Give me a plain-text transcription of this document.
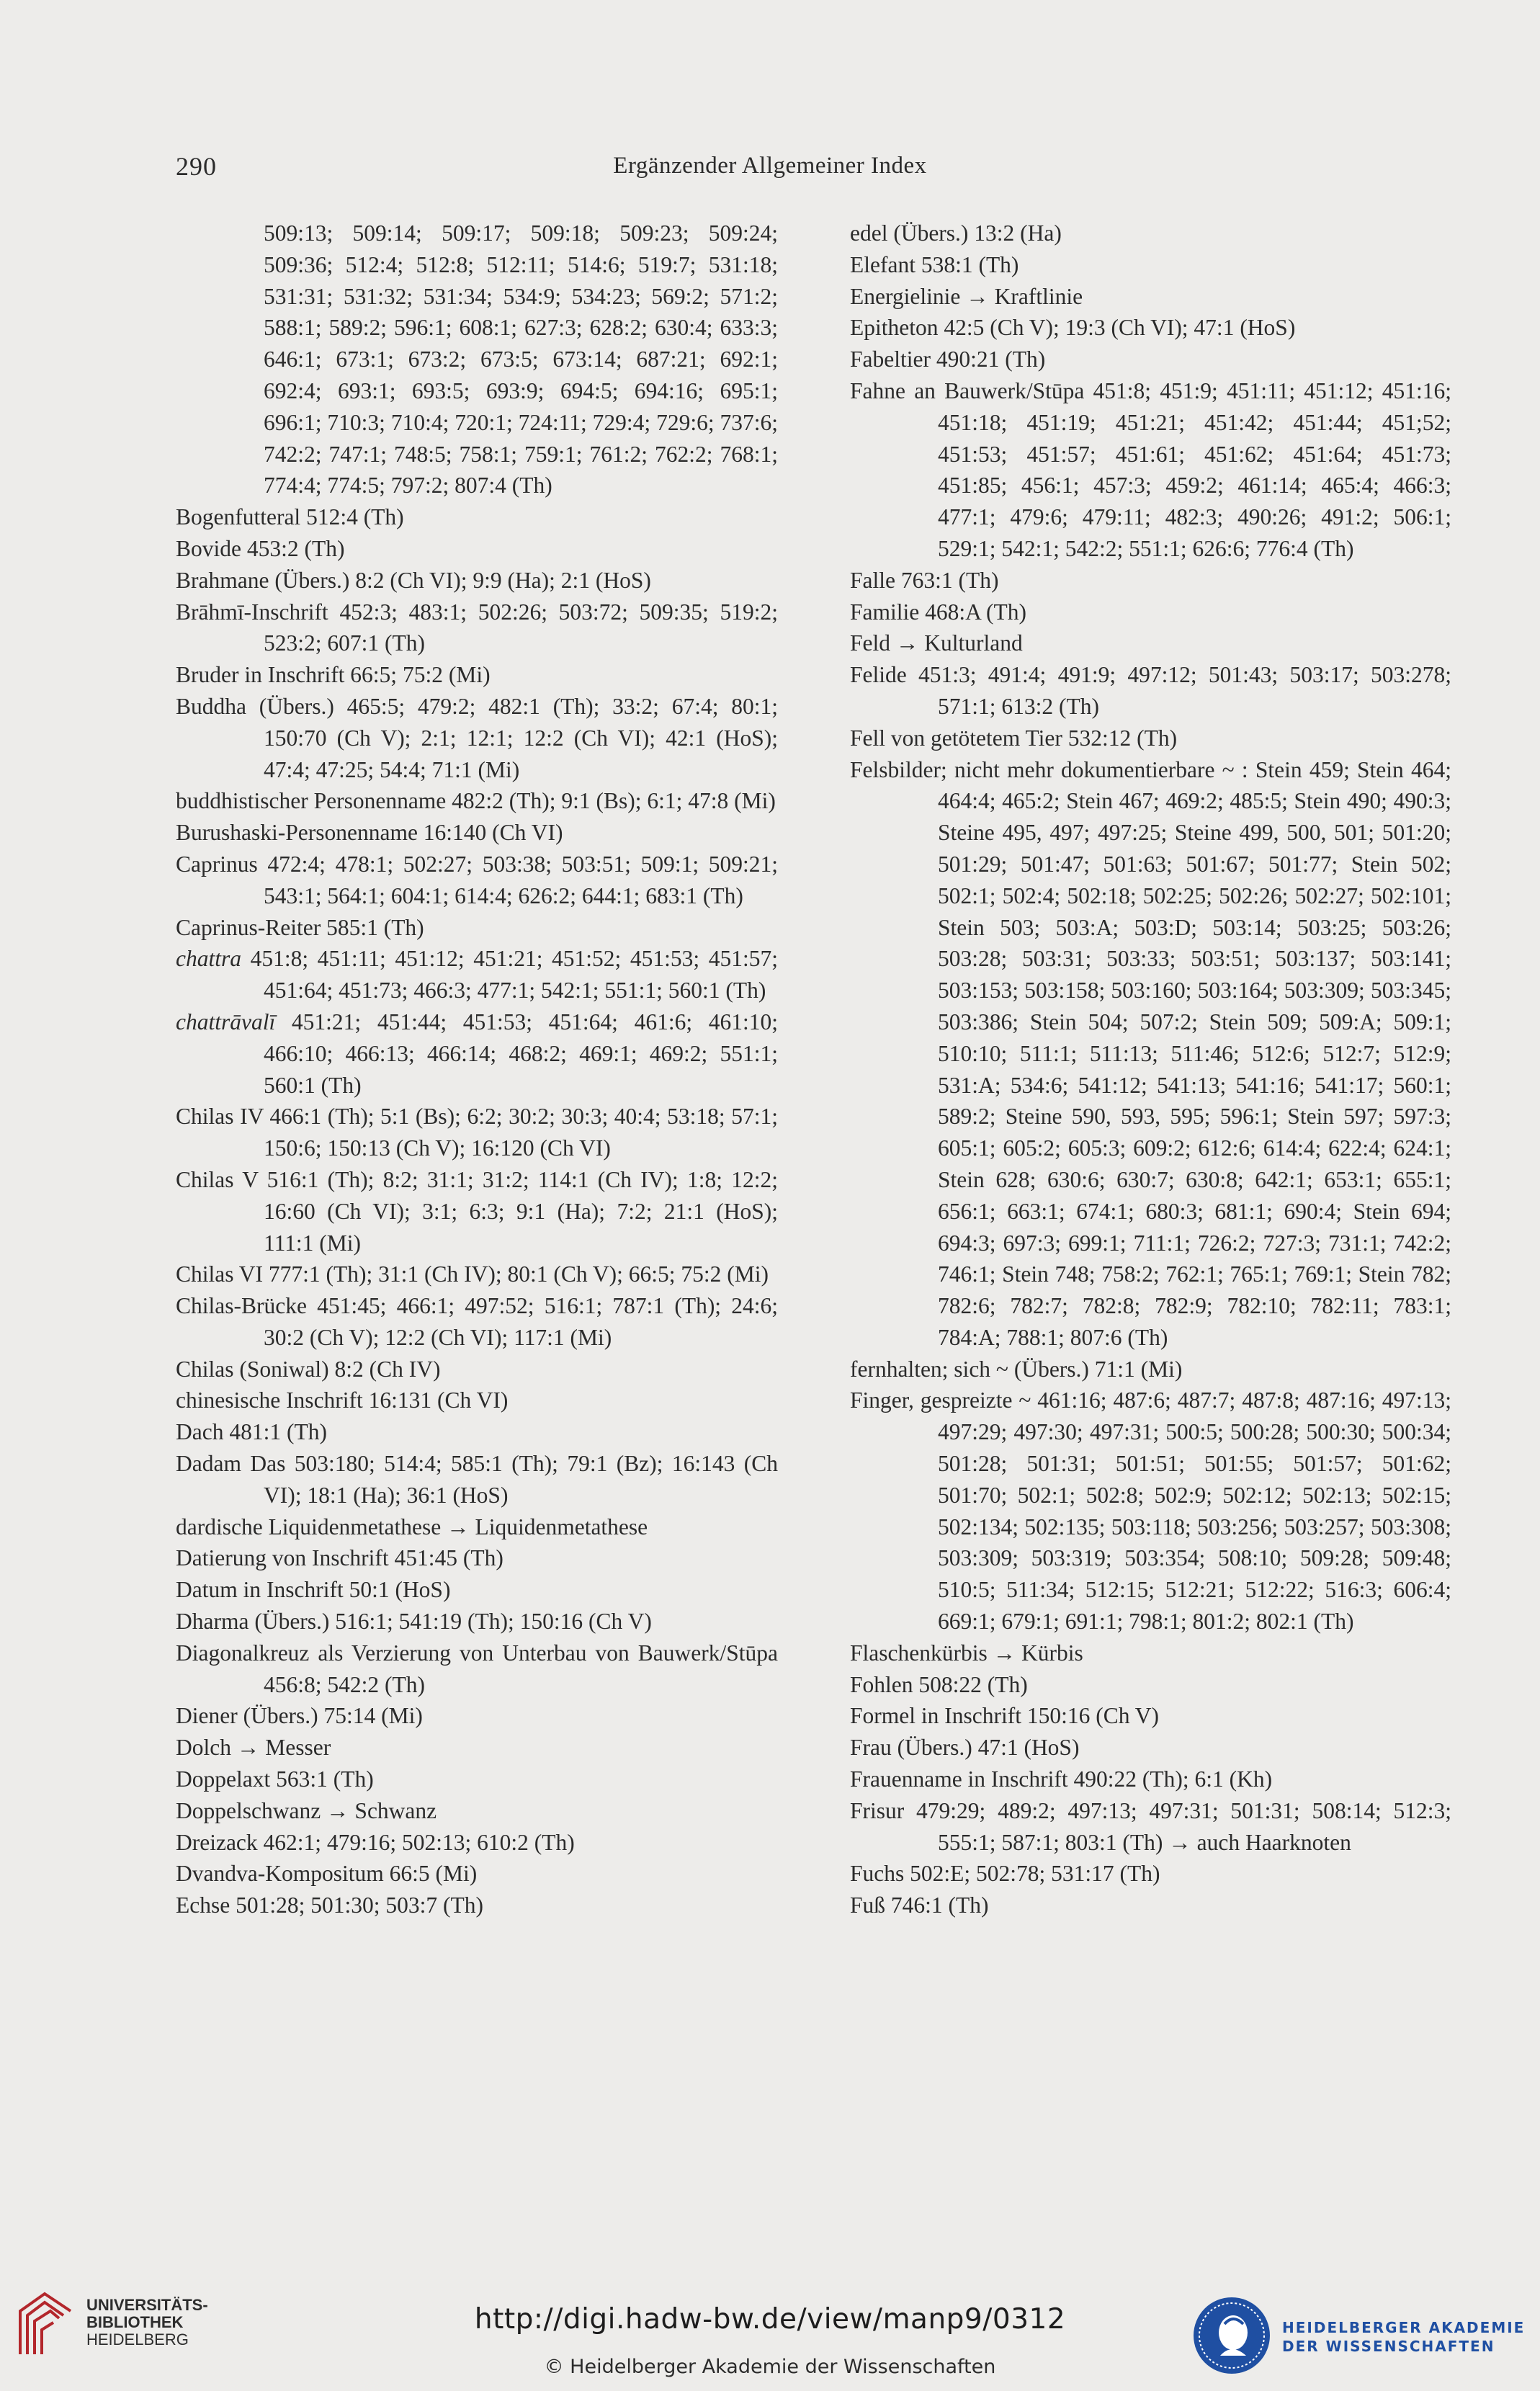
290	Ergänzender Allgemeiner Index
509:13; 509:14; 509:17; 509:18; 509:23; 509:24; 509:36; 512:4; 512:8; 512:11; 514:6; 519:7; 531:18; 531:31; 531:32; 531:34; 534:9; 534:23; 569:2; 571:2; 588:1; 589:2; 596:1; 608:1; 627:3; 628:2; 630:4; 633:3; 646:1; 673:1; 673:2; 673:5; 673:14; 687:21; 692:1; 692:4; 693:1; 693:5; 693:9; 694:5; 694:16; 695:1; 696:1; 710:3; 710:4; 720:1; 724:11; 729:4; 729:6; 737:6; 742:2; 747:1; 748:5; 758:1; 759:1; 761:2; 762:2; 768:1; 774:4; 774:5; 797:2; 807:4 (Th)
Bogenfutteral 512:4 (Th)
Bovide 453:2 (Th)
Brahmane (Übers.) 8:2 (Ch VI); 9:9 (Ha); 2:1 (HoS)
Brāhmī-Inschrift 452:3; 483:1; 502:26; 503:72; 509:35; 519:2; 523:2; 607:1 (Th)
Bruder in Inschrift 66:5; 75:2 (Mi)
Buddha (Übers.) 465:5; 479:2; 482:1 (Th); 33:2; 67:4; 80:1; 150:70 (Ch V); 2:1; 12:1; 12:2 (Ch VI); 42:1 (HoS); 47:4; 47:25; 54:4; 71:1 (Mi)
buddhistischer Personenname 482:2 (Th); 9:1 (Bs); 6:1; 47:8 (Mi)
Burushaski-Personenname 16:140 (Ch VI)
Caprinus 472:4; 478:1; 502:27; 503:38; 503:51; 509:1; 509:21; 543:1; 564:1; 604:1; 614:4; 626:2; 644:1; 683:1 (Th)
Caprinus-Reiter 585:1 (Th)
chattra 451:8; 451:11; 451:12; 451:21; 451:52; 451:53; 451:57; 451:64; 451:73; 466:3; 477:1; 542:1; 551:1; 560:1 (Th)
chattrāvalī 451:21; 451:44; 451:53; 451:64; 461:6; 461:10; 466:10; 466:13; 466:14; 468:2; 469:1; 469:2; 551:1; 560:1 (Th)
Chilas IV 466:1 (Th); 5:1 (Bs); 6:2; 30:2; 30:3; 40:4; 53:18; 57:1; 150:6; 150:13 (Ch V); 16:120 (Ch VI)
Chilas V 516:1 (Th); 8:2; 31:1; 31:2; 114:1 (Ch IV); 1:8; 12:2; 16:60 (Ch VI); 3:1; 6:3; 9:1 (Ha); 7:2; 21:1 (HoS); 111:1 (Mi)
Chilas VI 777:1 (Th); 31:1 (Ch IV); 80:1 (Ch V); 66:5; 75:2 (Mi)
Chilas-Brücke 451:45; 466:1; 497:52; 516:1; 787:1 (Th); 24:6; 30:2 (Ch V); 12:2 (Ch VI); 117:1 (Mi)
Chilas (Soniwal) 8:2 (Ch IV)
chinesische Inschrift 16:131 (Ch VI)
Dach 481:1 (Th)
Dadam Das 503:180; 514:4; 585:1 (Th); 79:1 (Bz); 16:143 (Ch VI); 18:1 (Ha); 36:1 (HoS)
dardische Liquidenmetathese → Liquidenmetathese
Datierung von Inschrift 451:45 (Th)
Datum in Inschrift 50:1 (HoS)
Dharma (Übers.) 516:1; 541:19 (Th); 150:16 (Ch V)
Diagonalkreuz als Verzierung von Unterbau von Bauwerk/Stūpa 456:8; 542:2 (Th)
Diener (Übers.) 75:14 (Mi)
Dolch → Messer
Doppelaxt 563:1 (Th)
Doppelschwanz → Schwanz
Dreizack 462:1; 479:16; 502:13; 610:2 (Th)
Dvandva-Kompositum 66:5 (Mi)
Echse 501:28; 501:30; 503:7 (Th)
edel (Übers.) 13:2 (Ha)
Elefant 538:1 (Th)
Energielinie → Kraftlinie
Epitheton 42:5 (Ch V); 19:3 (Ch VI); 47:1 (HoS)
Fabeltier 490:21 (Th)
Fahne an Bauwerk/Stūpa 451:8; 451:9; 451:11; 451:12; 451:16; 451:18; 451:19; 451:21; 451:42; 451:44; 451;52; 451:53; 451:57; 451:61; 451:62; 451:64; 451:73; 451:85; 456:1; 457:3; 459:2; 461:14; 465:4; 466:3; 477:1; 479:6; 479:11; 482:3; 490:26; 491:2; 506:1; 529:1; 542:1; 542:2; 551:1; 626:6; 776:4 (Th)
Falle 763:1 (Th)
Familie 468:A (Th)
Feld → Kulturland
Felide 451:3; 491:4; 491:9; 497:12; 501:43; 503:17; 503:278; 571:1; 613:2 (Th)
Fell von getötetem Tier 532:12 (Th)
Felsbilder; nicht mehr dokumentierbare ~ : Stein 459; Stein 464; 464:4; 465:2; Stein 467; 469:2; 485:5; Stein 490; 490:3; Steine 495, 497; 497:25; Steine 499, 500, 501; 501:20; 501:29; 501:47; 501:63; 501:67; 501:77; Stein 502; 502:1; 502:4; 502:18; 502:25; 502:26; 502:27; 502:101; Stein 503; 503:A; 503:D; 503:14; 503:25; 503:26; 503:28; 503:31; 503:33; 503:51; 503:137; 503:141; 503:153; 503:158; 503:160; 503:164; 503:309; 503:345; 503:386; Stein 504; 507:2; Stein 509; 509:A; 509:1; 510:10; 511:1; 511:13; 511:46; 512:6; 512:7; 512:9; 531:A; 534:6; 541:12; 541:13; 541:16; 541:17; 560:1; 589:2; Steine 590, 593, 595; 596:1; Stein 597; 597:3; 605:1; 605:2; 605:3; 609:2; 612:6; 614:4; 622:4; 624:1; Stein 628; 630:6; 630:7; 630:8; 642:1; 653:1; 655:1; 656:1; 663:1; 674:1; 680:3; 681:1; 690:4; Stein 694; 694:3; 697:3; 699:1; 711:1; 726:2; 727:3; 731:1; 742:2; 746:1; Stein 748; 758:2; 762:1; 765:1; 769:1; Stein 782; 782:6; 782:7; 782:8; 782:9; 782:10; 782:11; 783:1; 784:A; 788:1; 807:6 (Th)
fernhalten; sich ~ (Übers.) 71:1 (Mi)
Finger, gespreizte ~ 461:16; 487:6; 487:7; 487:8; 487:16; 497:13; 497:29; 497:30; 497:31; 500:5; 500:28; 500:30; 500:34; 501:28; 501:31; 501:51; 501:55; 501:57; 501:62; 501:70; 502:1; 502:8; 502:9; 502:12; 502:13; 502:15; 502:134; 502:135; 503:118; 503:256; 503:257; 503:308; 503:309; 503:319; 503:354; 508:10; 509:28; 509:48; 510:5; 511:34; 512:15; 512:21; 512:22; 516:3; 606:4; 669:1; 679:1; 691:1; 798:1; 801:2; 802:1 (Th)
Flaschenkürbis → Kürbis
Fohlen 508:22 (Th)
Formel in Inschrift 150:16 (Ch V)
Frau (Übers.) 47:1 (HoS)
Frauenname in Inschrift 490:22 (Th); 6:1 (Kh)
Frisur 479:29; 489:2; 497:13; 497:31; 501:31; 508:14; 512:3; 555:1; 587:1; 803:1 (Th) → auch Haarknoten
Fuchs 502:E; 502:78; 531:17 (Th)
Fuß 746:1 (Th)
UNIVERSITÄTS-
BIBLIOTHEK
HEIDELBERG
http://digi.hadw-bw.de/view/manp9/0312
© Heidelberger Akademie der Wissenschaften
HEIDELBERGER AKADEMIE
DER WISSENSCHAFTEN
